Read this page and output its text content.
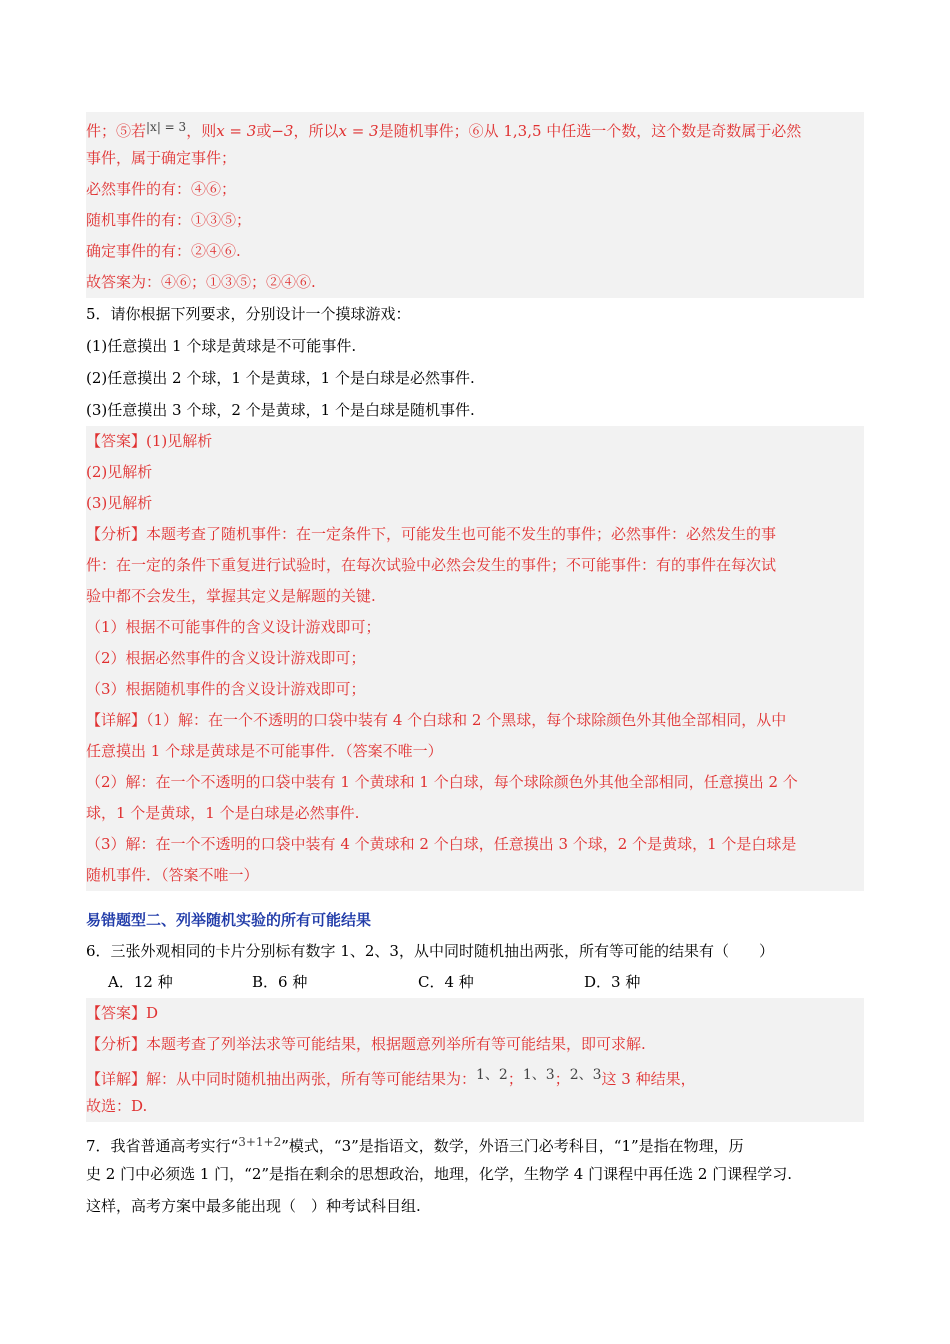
件；⑤若$^{|x| = 3}$，则x = 3或−3，所以x = 3是随机事件；⑥从 1,3,5 中任选一个数，这个数是奇数属于必然
事件，属于确定事件；
必然事件的有：④⑥；
随机事件的有：①③⑤；
确定事件的有：②④⑥.
故答案为：④⑥；①③⑤；②④⑥.
5．请你根据下列要求，分别设计一个摸球游戏：
(1)任意摸出 1 个球是黄球是不可能事件.
(2)任意摸出 2 个球，1 个是黄球，1 个是白球是必然事件.
(3)任意摸出 3 个球，2 个是黄球，1 个是白球是随机事件.
【答案】(1)见解析
(2)见解析
(3)见解析
【分析】本题考查了随机事件：在一定条件下，可能发生也可能不发生的事件；必然事件：必然发生的事
件：在一定的条件下重复进行试验时，在每次试验中必然会发生的事件；不可能事件：有的事件在每次试
验中都不会发生，掌握其定义是解题的关键.
（1）根据不可能事件的含义设计游戏即可；
（2）根据必然事件的含义设计游戏即可；
（3）根据随机事件的含义设计游戏即可；
【详解】（1）解：在一个不透明的口袋中装有 4 个白球和 2 个黑球，每个球除颜色外其他全部相同，从中
任意摸出 1 个球是黄球是不可能事件．（答案不唯一）
（2）解：在一个不透明的口袋中装有 1 个黄球和 1 个白球，每个球除颜色外其他全部相同，任意摸出 2 个
球，1 个是黄球，1 个是白球是必然事件.
（3）解：在一个不透明的口袋中装有 4 个黄球和 2 个白球，任意摸出 3 个球，2 个是黄球，1 个是白球是
随机事件．（答案不唯一）
易错题型二、列举随机实验的所有可能结果
6．三张外观相同的卡片分别标有数字 1、2、3，从中同时随机抽出两张，所有等可能的结果有（　　）
A．12 种	B．6 种	C．4 种	D．3 种
【答案】D
【分析】本题考查了列举法求等可能结果，根据题意列举所有等可能结果，即可求解.
【详解】解：从中同时随机抽出两张，所有等可能结果为：1、2；1、3；2、3这 3 种结果，
故选：D.
7．我省普通高考实行“$^{3+1+2}$”模式，“3”是指语文，数学，外语三门必考科目，“1”是指在物理，历
史 2 门中必须选 1 门，“2”是指在剩余的思想政治，地理，化学，生物学 4 门课程中再任选 2 门课程学习.
这样，高考方案中最多能出现（　）种考试科目组.
